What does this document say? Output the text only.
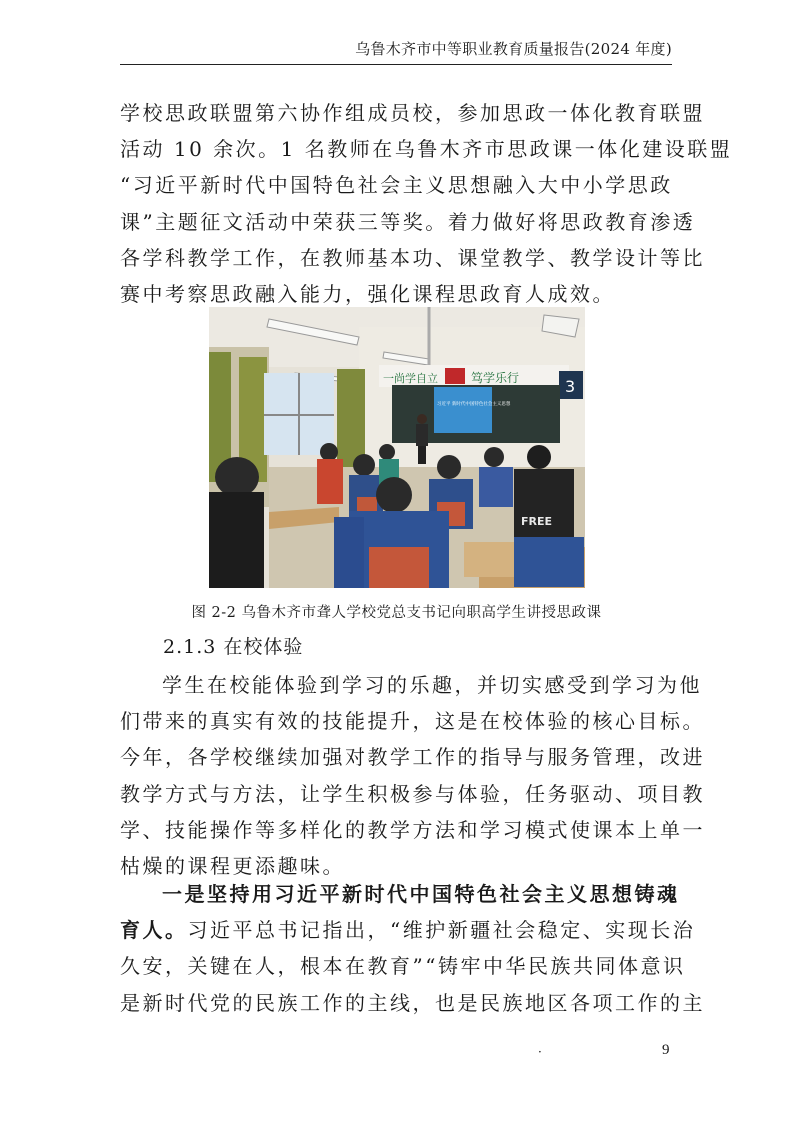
乌鲁木齐市中等职业教育质量报告(2024 年度)
学校思政联盟第六协作组成员校，参加思政一体化教育联盟
活动 10 余次。1 名教师在乌鲁木齐市思政课一体化建设联盟
“习近平新时代中国特色社会主义思想融入大中小学思政
课”主题征文活动中荣获三等奖。着力做好将思政教育渗透
各学科教学工作，在教师基本功、课堂教学、教学设计等比
赛中考察思政融入能力，强化课程思政育人成效。
一尚学自立	笃学乐行	3
习近平 新时代中国特色社会主义思想
FREE
图 2-2 乌鲁木齐市聋人学校党总支书记向职高学生讲授思政课
2.1.3 在校体验
学生在校能体验到学习的乐趣，并切实感受到学习为他
们带来的真实有效的技能提升，这是在校体验的核心目标。
今年，各学校继续加强对教学工作的指导与服务管理，改进
教学方式与方法，让学生积极参与体验，任务驱动、项目教
学、技能操作等多样化的教学方法和学习模式使课本上单一
枯燥的课程更添趣味。
一是坚持用习近平新时代中国特色社会主义思想铸魂
育人。习近平总书记指出，“维护新疆社会稳定、实现长治
久安，关键在人，根本在教育”“铸牢中华民族共同体意识
是新时代党的民族工作的主线，也是民族地区各项工作的主
·	9
